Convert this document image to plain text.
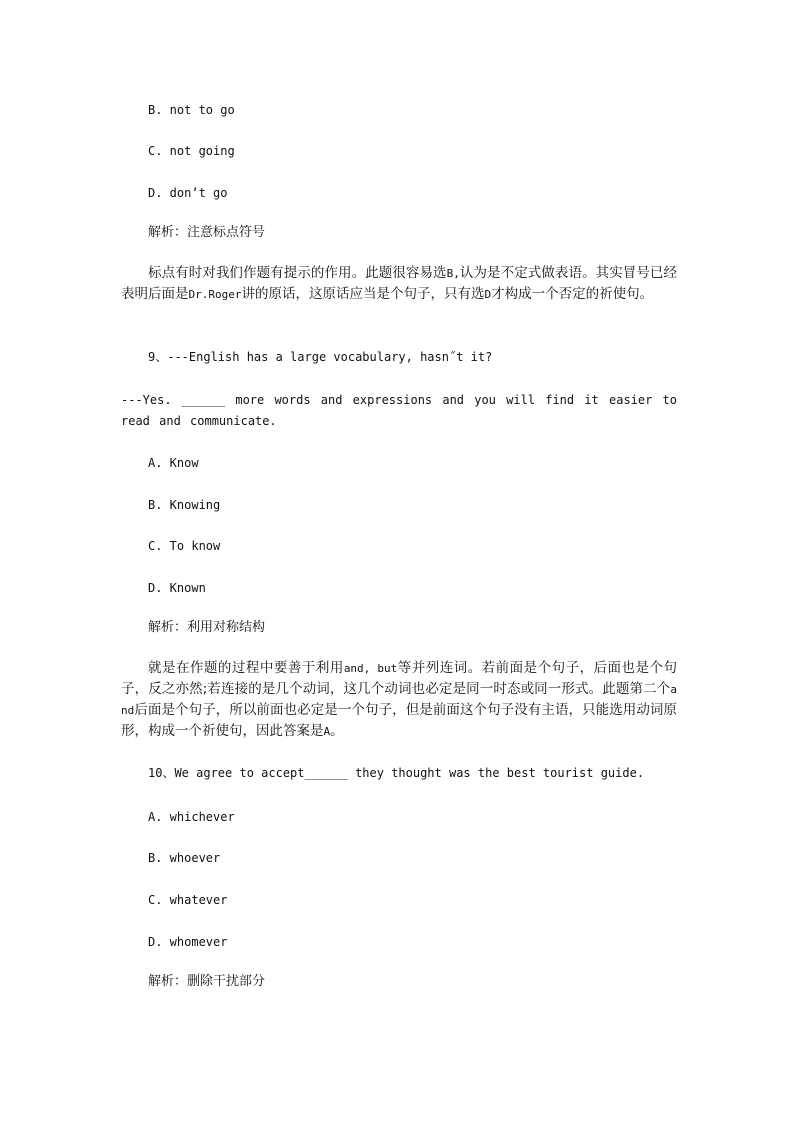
B. not to go
C. not going
D. don’t go
解析：注意标点符号
标点有时对我们作题有提示的作用。此题很容易选B,认为是不定式做表语。其实冒号已经表明后面是Dr.Roger讲的原话，这原话应当是个句子，只有选D才构成一个否定的祈使句。
9、---English has a large vocabulary, hasn˝t it?
---Yes. ______ more words and expressions and you will find it easier to read and communicate.
A. Know
B. Knowing
C. To know
D. Known
解析：利用对称结构
就是在作题的过程中要善于利用and, but等并列连词。若前面是个句子，后面也是个句子，反之亦然;若连接的是几个动词，这几个动词也必定是同一时态或同一形式。此题第二个and后面是个句子，所以前面也必定是一个句子，但是前面这个句子没有主语，只能选用动词原形，构成一个祈使句，因此答案是A。
10、We agree to accept______ they thought was the best tourist guide.
A. whichever
B. whoever
C. whatever
D. whomever
解析：删除干扰部分
